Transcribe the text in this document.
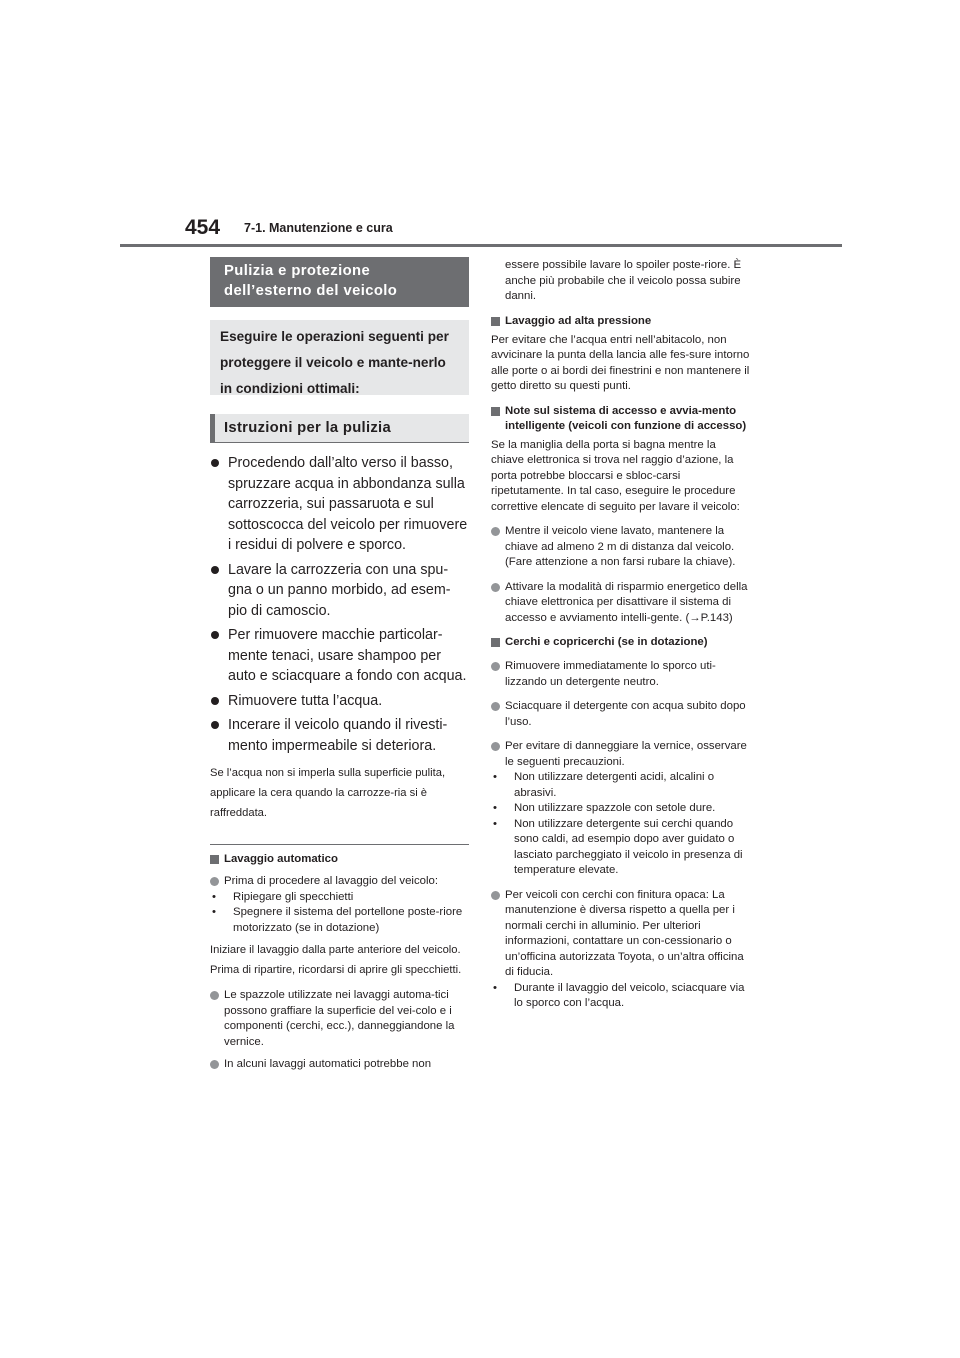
454 7-1. Manutenzione e cura
Pulizia e protezione dell’esterno del veicolo
Eseguire le operazioni seguenti per proteggere il veicolo e mante-nerlo in condizioni ottimali:
Istruzioni per la pulizia
Procedendo dall’alto verso il basso, spruzzare acqua in abbondanza sulla carrozzeria, sui passaruota e sul sottoscocca del veicolo per rimuovere i residui di polvere e sporco.
Lavare la carrozzeria con una spu-gna o un panno morbido, ad esem-pio di camoscio.
Per rimuovere macchie particolar-mente tenaci, usare shampoo per auto e sciacquare a fondo con acqua.
Rimuovere tutta l’acqua.
Incerare il veicolo quando il rivesti-mento impermeabile si deteriora.
Se l’acqua non si imperla sulla superficie pulita, applicare la cera quando la carrozze-ria si è raffreddata.
Lavaggio automatico
Prima di procedere al lavaggio del veicolo:
• Ripiegare gli specchietti
• Spegnere il sistema del portellone poste-riore motorizzato (se in dotazione)
Iniziare il lavaggio dalla parte anteriore del veicolo. Prima di ripartire, ricordarsi di aprire gli specchietti.
Le spazzole utilizzate nei lavaggi automa-tici possono graffiare la superficie del vei-colo e i componenti (cerchi, ecc.), danneggiandone la vernice.
In alcuni lavaggi automatici potrebbe non
essere possibile lavare lo spoiler poste-riore. È anche più probabile che il veicolo possa subire danni.
Lavaggio ad alta pressione
Per evitare che l’acqua entri nell’abitacolo, non avvicinare la punta della lancia alle fes-sure intorno alle porte o ai bordi dei finestrini e non mantenere il getto diretto su questi punti.
Note sul sistema di accesso e avvia-mento intelligente (veicoli con funzione di accesso)
Se la maniglia della porta si bagna mentre la chiave elettronica si trova nel raggio d’azione, la porta potrebbe bloccarsi e sbloc-carsi ripetutamente. In tal caso, eseguire le procedure correttive elencate di seguito per lavare il veicolo:
Mentre il veicolo viene lavato, mantenere la chiave ad almeno 2 m di distanza dal veicolo. (Fare attenzione a non farsi rubare la chiave).
Attivare la modalità di risparmio energetico della chiave elettronica per disattivare il sistema di accesso e avviamento intelli-gente. (→P.143)
Cerchi e copricerchi (se in dotazione)
Rimuovere immediatamente lo sporco uti-lizzando un detergente neutro.
Sciacquare il detergente con acqua subito dopo l’uso.
Per evitare di danneggiare la vernice, osservare le seguenti precauzioni.
• Non utilizzare detergenti acidi, alcalini o abrasivi.
• Non utilizzare spazzole con setole dure.
• Non utilizzare detergente sui cerchi quando sono caldi, ad esempio dopo aver guidato o lasciato parcheggiato il veicolo in presenza di temperature elevate.
Per veicoli con cerchi con finitura opaca: La manutenzione è diversa rispetto a quella per i normali cerchi in alluminio. Per ulteriori informazioni, contattare un con-cessionario o un’officina autorizzata Toyota, o un’altra officina di fiducia.
• Durante il lavaggio del veicolo, sciacquare via lo sporco con l’acqua.
